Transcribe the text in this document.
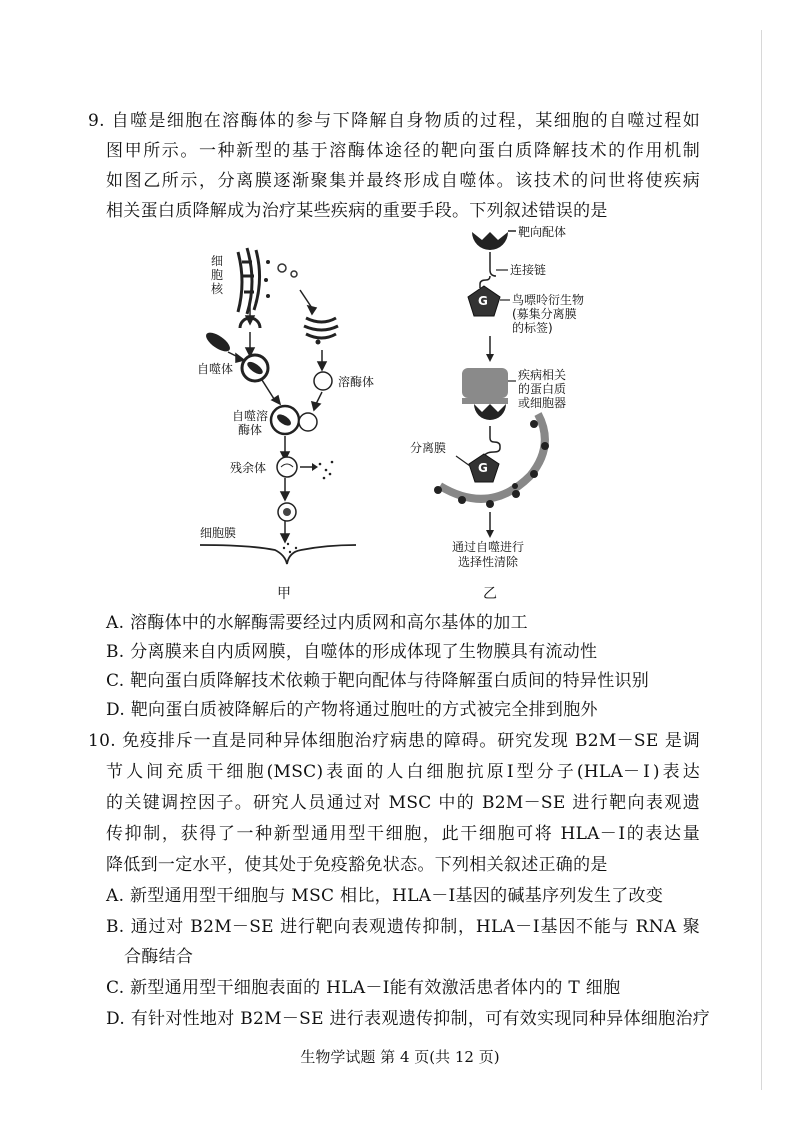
9. 自噬是细胞在溶酶体的参与下降解自身物质的过程，某细胞的自噬过程如
图甲所示。一种新型的基于溶酶体途径的靶向蛋白质降解技术的作用机制
如图乙所示，分离膜逐渐聚集并最终形成自噬体。该技术的问世将使疾病
相关蛋白质降解成为治疗某些疾病的重要手段。下列叙述错误的是
细胞核
自噬体
溶酶体
自噬溶酶体
残余体
细胞膜
甲
靶向配体
连接链
G 鸟嘌呤衍生物
(募集分离膜
的标签)
疾病相关
的蛋白质
或细胞器
分离膜
G
通过自噬进行
选择性清除
乙
A. 溶酶体中的水解酶需要经过内质网和高尔基体的加工
B. 分离膜来自内质网膜，自噬体的形成体现了生物膜具有流动性
C. 靶向蛋白质降解技术依赖于靶向配体与待降解蛋白质间的特异性识别
D. 靶向蛋白质被降解后的产物将通过胞吐的方式被完全排到胞外
10. 免疫排斥一直是同种异体细胞治疗病患的障碍。研究发现 B2M－SE 是调
节人间充质干细胞(MSC)表面的人白细胞抗原Ⅰ型分子(HLA－Ⅰ)表达
的关键调控因子。研究人员通过对 MSC 中的 B2M－SE 进行靶向表观遗
传抑制，获得了一种新型通用型干细胞，此干细胞可将 HLA－Ⅰ的表达量
降低到一定水平，使其处于免疫豁免状态。下列相关叙述正确的是
A. 新型通用型干细胞与 MSC 相比，HLA－Ⅰ基因的碱基序列发生了改变
B. 通过对 B2M－SE 进行靶向表观遗传抑制，HLA－Ⅰ基因不能与 RNA 聚
合酶结合
C. 新型通用型干细胞表面的 HLA－Ⅰ能有效激活患者体内的 T 细胞
D. 有针对性地对 B2M－SE 进行表观遗传抑制，可有效实现同种异体细胞治疗
生物学试题 第 4 页(共 12 页)
